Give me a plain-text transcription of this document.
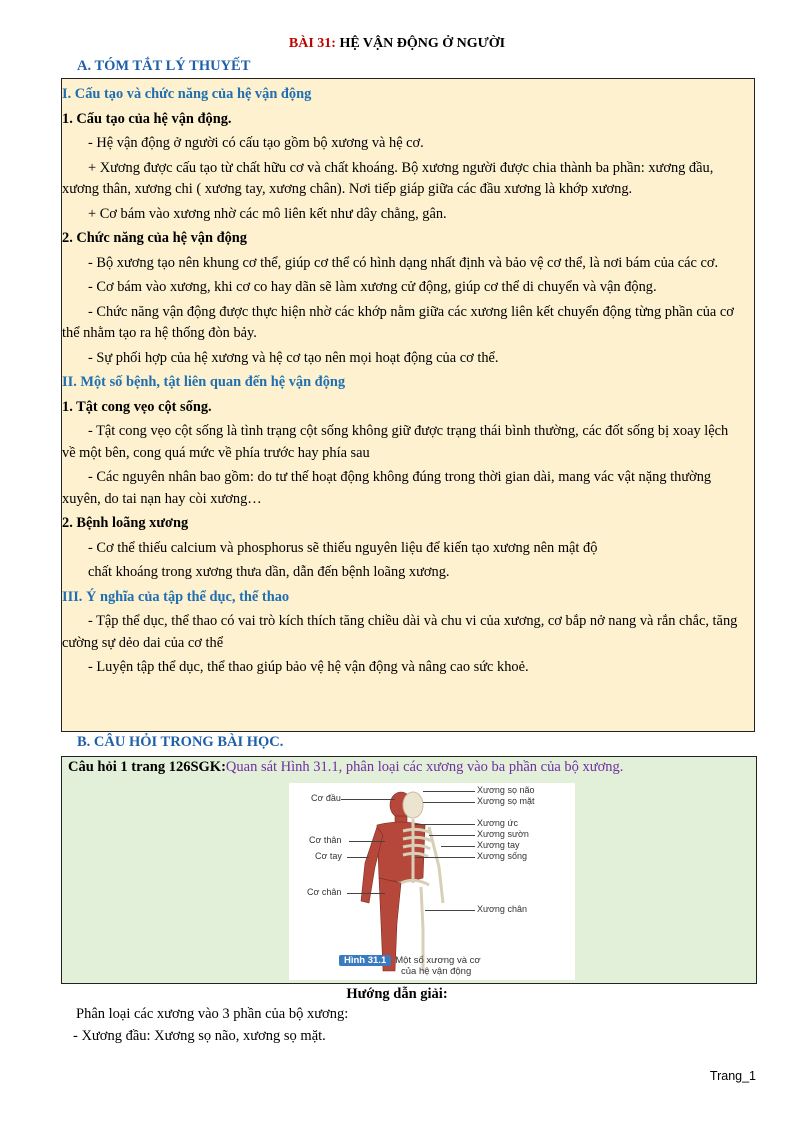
BÀI 31: HỆ VẬN ĐỘNG Ở NGƯỜI
A. TÓM TẮT LÝ THUYẾT

I. Cấu tạo và chức năng của hệ vận động

1. Cấu tạo của hệ vận động.

- Hệ vận động ở người có cấu tạo gồm bộ xương và hệ cơ.

+ Xương được cấu tạo từ chất hữu cơ và chất khoáng. Bộ xương người được chia thành ba phần: xương đầu, xương thân, xương chi ( xương tay, xương chân). Nơi tiếp giáp giữa các đầu xương là khớp xương.

+ Cơ bám vào xương nhờ các mô liên kết như dây chằng, gân.

2. Chức năng của hệ vận động

- Bộ xương tạo nên khung cơ thể, giúp cơ thể có hình dạng nhất định và bảo vệ cơ thể, là nơi bám của các cơ.

- Cơ bám vào xương, khi cơ co hay dãn sẽ làm xương cử động, giúp cơ thể di chuyển và vận động.

- Chức năng vận động được thực hiện nhờ các khớp nằm giữa các xương liên kết chuyển động từng phần của cơ thể nhằm tạo ra hệ thống đòn bảy.

- Sự phối hợp của hệ xương và hệ cơ tạo nên mọi hoạt động của cơ thể.

II. Một số bệnh, tật liên quan đến hệ vận động

1. Tật cong vẹo cột sống.

- Tật cong vẹo cột sống là tình trạng cột sống không giữ được trạng thái bình thường, các đốt sống bị xoay lệch về một bên, cong quá mức về phía trước hay phía sau

- Các nguyên nhân bao gồm: do tư thế hoạt động không đúng trong thời gian dài, mang vác vật nặng thường xuyên, do tai nạn hay còi xương…

2. Bệnh loãng xương

- Cơ thể thiếu calcium và phosphorus sẽ thiếu nguyên liệu để kiến tạo xương nên mật độ

chất khoáng trong xương thưa dần, dẫn đến bệnh loãng xương.

III. Ý nghĩa của tập thể dục, thể thao

- Tập thể dục, thể thao có vai trò kích thích tăng chiều dài và chu vi của xương, cơ bắp nở nang và rắn chắc, tăng cường sự dẻo dai của cơ thể

- Luyện tập thể dục, thể thao giúp bảo vệ hệ vận động và nâng cao sức khoẻ.

B. CÂU HỎI TRONG BÀI HỌC.
Câu hỏi 1 trang 126SGK:Quan sát Hình 31.1, phân loại các xương vào ba phần của bộ xương.
Cơ đầu
Cơ thân
Cơ tay
Cơ chân
Xương sọ não
Xương sọ mặt
Xương ức
Xương sườn
Xương tay
Xương sống
Xương chân
Hình 31.1 Một số xương và cơ
của hệ vận động
Hướng dẫn giải:
Phân loại các xương vào 3 phần của bộ xương:
- Xương đầu: Xương sọ não, xương sọ mặt.
Trang_1
